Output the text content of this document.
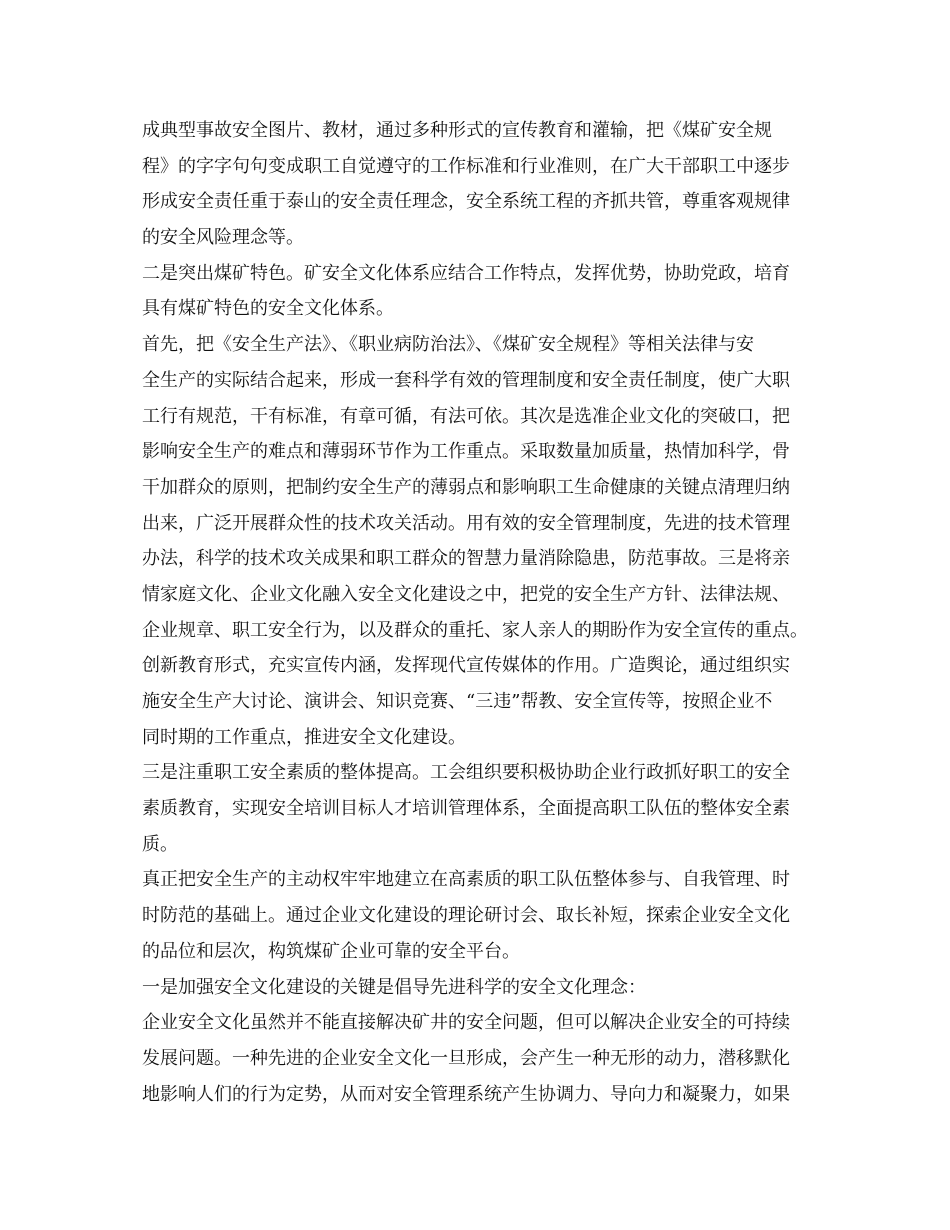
成典型事故安全图片、教材，通过多种形式的宣传教育和灌输，把《煤矿安全规
程》的字字句句变成职工自觉遵守的工作标准和行业准则，在广大干部职工中逐步
形成安全责任重于泰山的安全责任理念，安全系统工程的齐抓共管，尊重客观规律
的安全风险理念等。
二是突出煤矿特色。矿安全文化体系应结合工作特点，发挥优势，协助党政，培育
具有煤矿特色的安全文化体系。
首先，把《安全生产法》、《职业病防治法》、《煤矿安全规程》等相关法律与安
全生产的实际结合起来，形成一套科学有效的管理制度和安全责任制度，使广大职
工行有规范，干有标准，有章可循，有法可依。其次是选准企业文化的突破口，把
影响安全生产的难点和薄弱环节作为工作重点。采取数量加质量，热情加科学，骨
干加群众的原则，把制约安全生产的薄弱点和影响职工生命健康的关键点清理归纳
出来，广泛开展群众性的技术攻关活动。用有效的安全管理制度，先进的技术管理
办法，科学的技术攻关成果和职工群众的智慧力量消除隐患，防范事故。三是将亲
情家庭文化、企业文化融入安全文化建设之中，把党的安全生产方针、法律法规、
企业规章、职工安全行为，以及群众的重托、家人亲人的期盼作为安全宣传的重点。
创新教育形式，充实宣传内涵，发挥现代宣传媒体的作用。广造舆论，通过组织实
施安全生产大讨论、演讲会、知识竞赛、“三违”帮教、安全宣传等，按照企业不
同时期的工作重点，推进安全文化建设。
三是注重职工安全素质的整体提高。工会组织要积极协助企业行政抓好职工的安全
素质教育，实现安全培训目标人才培训管理体系，全面提高职工队伍的整体安全素
质。
真正把安全生产的主动权牢牢地建立在高素质的职工队伍整体参与、自我管理、时
时防范的基础上。通过企业文化建设的理论研讨会、取长补短，探索企业安全文化
的品位和层次，构筑煤矿企业可靠的安全平台。
一是加强安全文化建设的关键是倡导先进科学的安全文化理念：
企业安全文化虽然并不能直接解决矿井的安全问题，但可以解决企业安全的可持续
发展问题。一种先进的企业安全文化一旦形成，会产生一种无形的动力，潜移默化
地影响人们的行为定势，从而对安全管理系统产生协调力、导向力和凝聚力，如果
